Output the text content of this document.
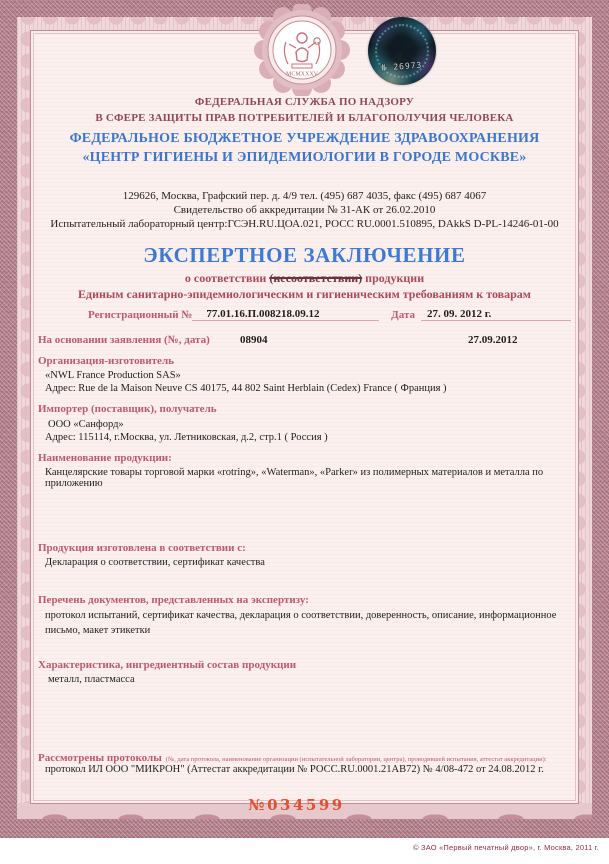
MCMXXXV
№ 26973
ФЕДЕРАЛЬНАЯ СЛУЖБА ПО НАДЗОРУ
В СФЕРЕ ЗАЩИТЫ ПРАВ ПОТРЕБИТЕЛЕЙ И БЛАГОПОЛУЧИЯ ЧЕЛОВЕКА
ФЕДЕРАЛЬНОЕ БЮДЖЕТНОЕ УЧРЕЖДЕНИЕ ЗДРАВООХРАНЕНИЯ
«ЦЕНТР ГИГИЕНЫ И ЭПИДЕМИОЛОГИИ В ГОРОДЕ МОСКВЕ»
129626, Москва, Графский пер. д. 4/9 тел. (495) 687 4035, факс (495) 687 4067
Свидетельство об аккредитации № 31-АК от 26.02.2010
Испытательный лабораторный центр:ГСЭН.RU.ЦОА.021, РОСС RU.0001.510895, DAkkS D-PL-14246-01-00
ЭКСПЕРТНОЕ ЗАКЛЮЧЕНИЕ
о соответствии (несоответствии) продукции
Единым санитарно-эпидемиологическим и гигиеническим требованиям к товарам
Регистрационный №	77.01.16.П.008218.09.12	Дата	27. 09. 2012 г.
На основании заявления (№, дата)	08904	27.09.2012
Организация-изготовитель
«NWL France Production SAS»
Адрес: Rue de la Maison Neuve CS 40175, 44 802 Saint Herblain (Cedex) France ( Франция )
Импортер (поставщик), получатель
ООО «Санфорд»
Адрес: 115114, г.Москва, ул. Летниковская, д.2, стр.1 ( Россия )
Наименование продукции:
Канцелярские товары торговой марки «rotring», «Waterman», «Parker» из полимерных материалов и металла по приложению
Продукция изготовлена в соответствии с:
Декларация о соответствии, сертификат качества
Перечень документов, представленных на экспертизу:
протокол испытаний, сертификат качества, декларация о соответствии, доверенность, описание, информационное письмо, макет этикетки
Характеристика, ингредиентный состав продукции
металл, пластмасса
Рассмотрены протоколы (№, дата протокола, наименование организации (испытательной лаборатории, центра), проводившей испытания, аттестат аккредитации):
протокол ИЛ ООО "МИКРОН" (Аттестат аккредитации № РОСС.RU.0001.21АВ72) № 4/08-472 от 24.08.2012 г.
№034599
© ЗАО «Первый печатный двор», г. Москва, 2011 г.
